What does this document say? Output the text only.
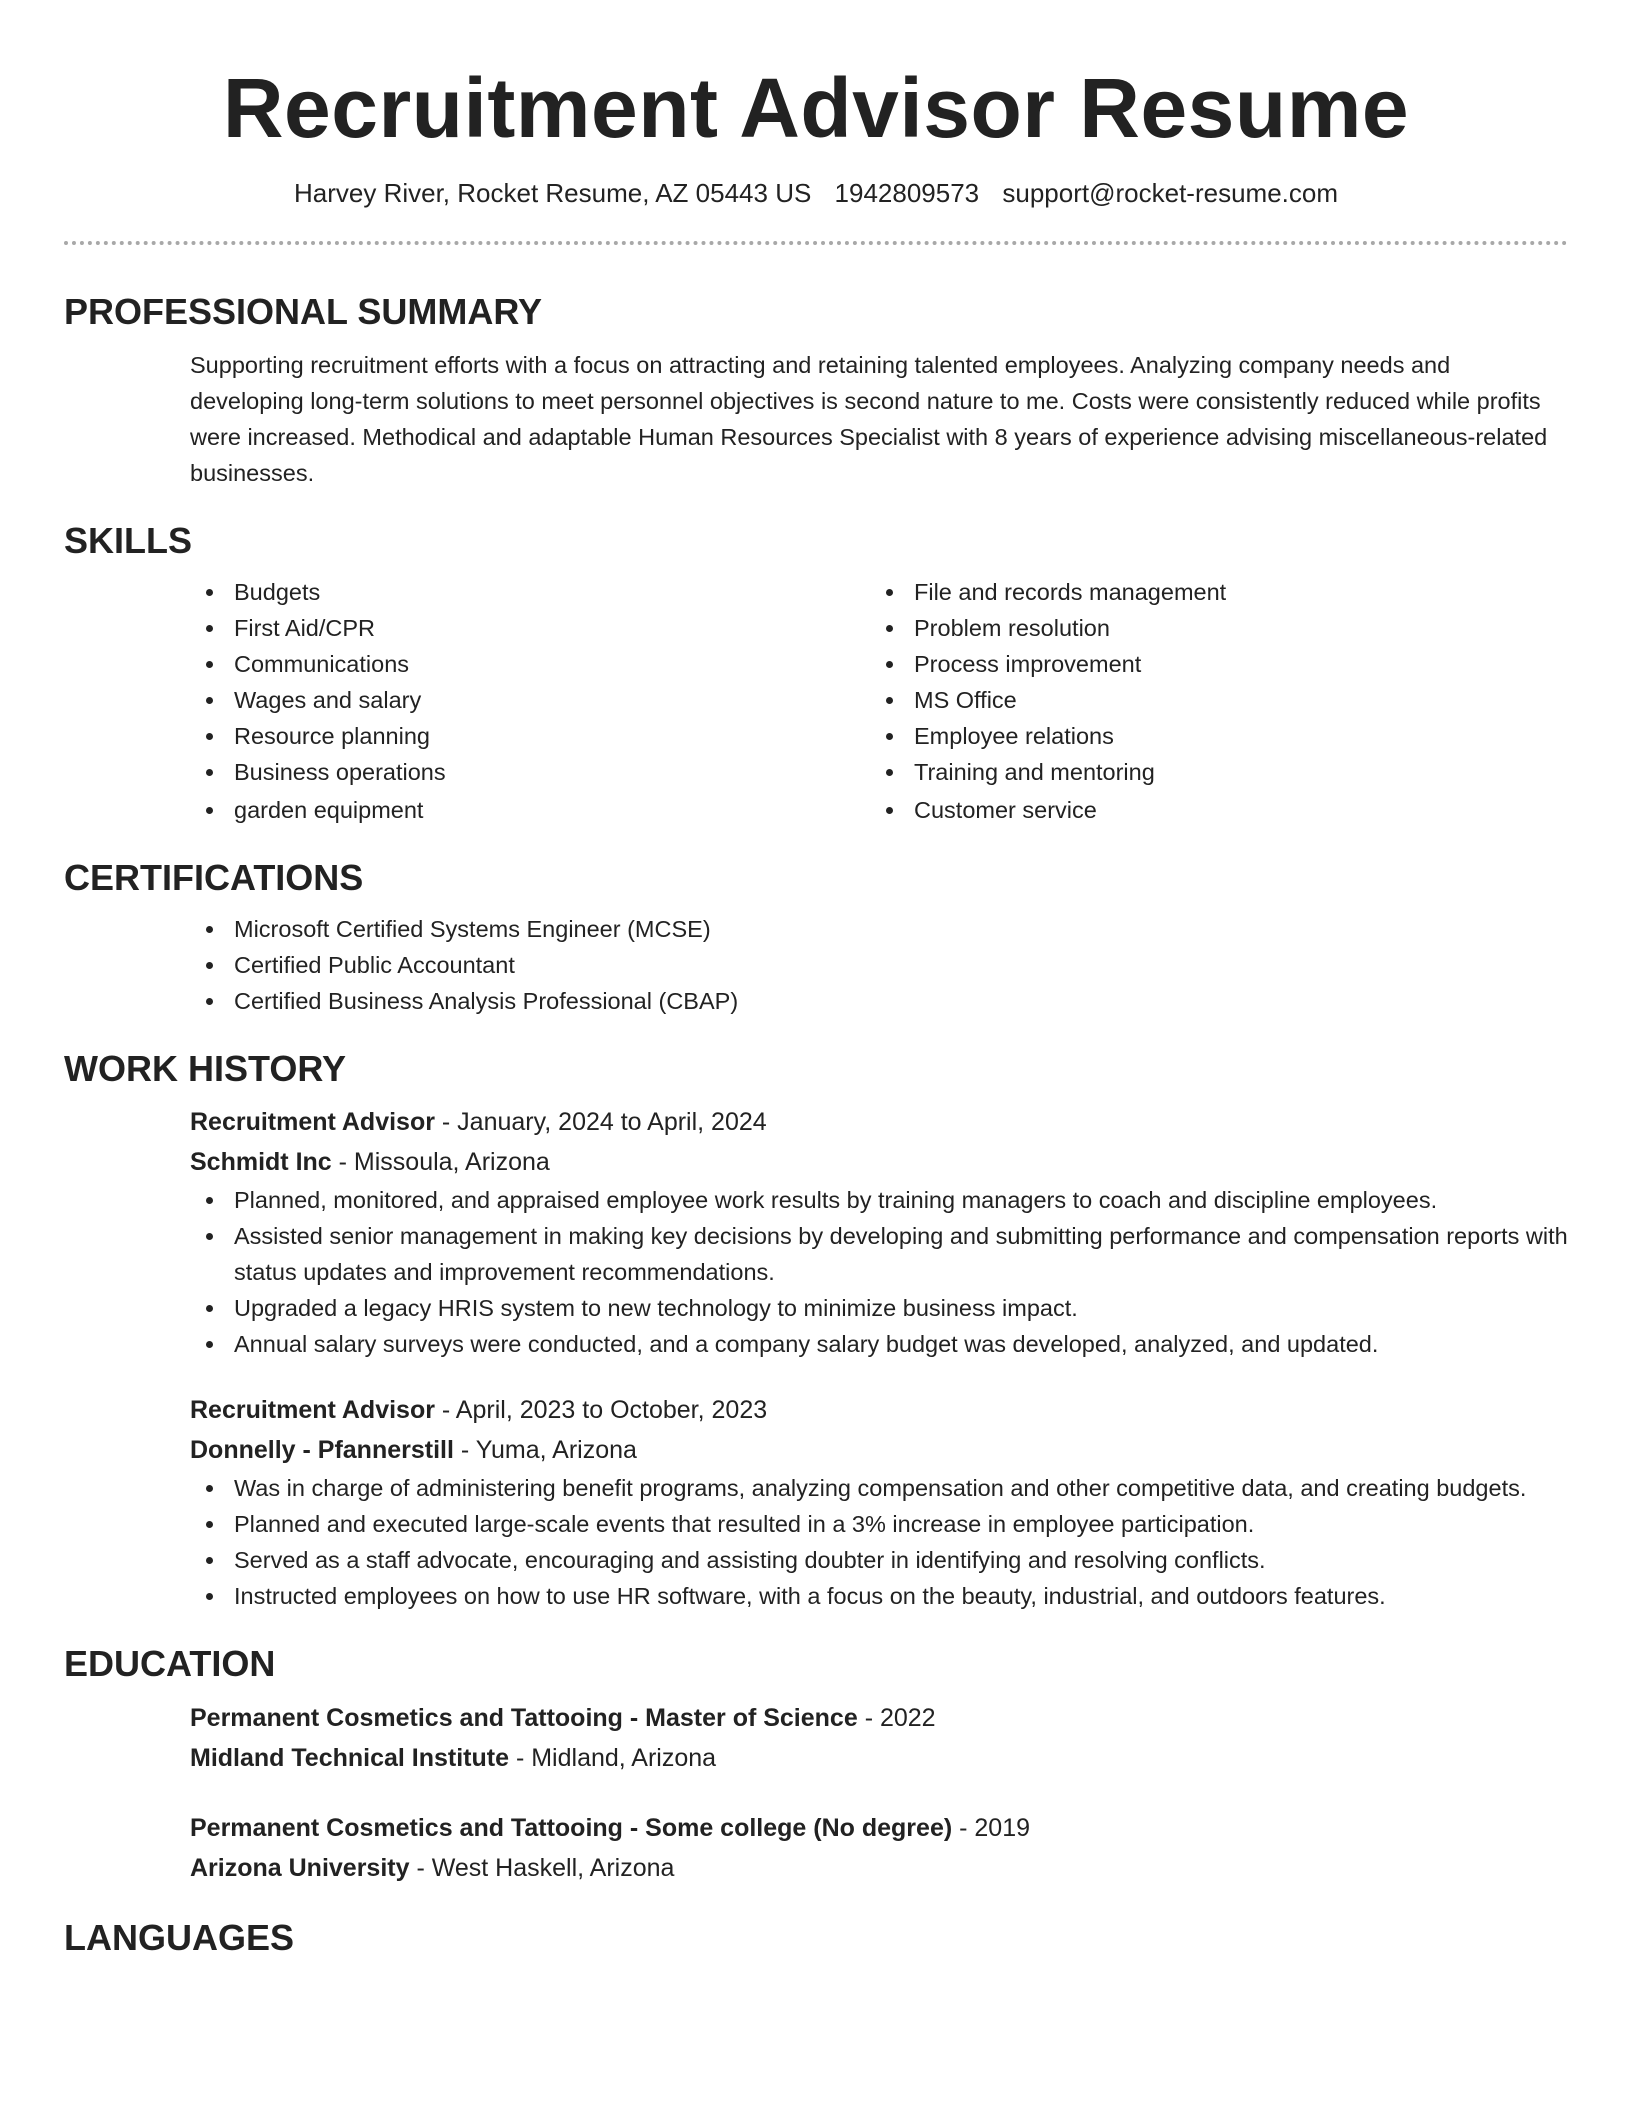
Recruitment Advisor Resume
Harvey River, Rocket Resume, AZ 05443 US 1942809573 support@rocket-resume.com
PROFESSIONAL SUMMARY

Supporting recruitment efforts with a focus on attracting and retaining talented employees. Analyzing company needs and developing long-term solutions to meet personnel objectives is second nature to me. Costs were consistently reduced while profits were increased. Methodical and adaptable Human Resources Specialist with 8 years of experience advising miscellaneous-related businesses.

SKILLS
Budgets
First Aid/CPR
Communications
Wages and salary
Resource planning
Business operations
garden equipment
File and records management
Problem resolution
Process improvement
MS Office
Employee relations
Training and mentoring
Customer service
CERTIFICATIONS
Microsoft Certified Systems Engineer (MCSE)
Certified Public Accountant
Certified Business Analysis Professional (CBAP)
WORK HISTORY
Recruitment Advisor - January, 2024 to April, 2024
Schmidt Inc - Missoula, Arizona
Planned, monitored, and appraised employee work results by training managers to coach and discipline employees.
Assisted senior management in making key decisions by developing and submitting performance and compensation reports with status updates and improvement recommendations.
Upgraded a legacy HRIS system to new technology to minimize business impact.
Annual salary surveys were conducted, and a company salary budget was developed, analyzed, and updated.
Recruitment Advisor - April, 2023 to October, 2023
Donnelly - Pfannerstill - Yuma, Arizona
Was in charge of administering benefit programs, analyzing compensation and other competitive data, and creating budgets.
Planned and executed large-scale events that resulted in a 3% increase in employee participation.
Served as a staff advocate, encouraging and assisting doubter in identifying and resolving conflicts.
Instructed employees on how to use HR software, with a focus on the beauty, industrial, and outdoors features.
EDUCATION
Permanent Cosmetics and Tattooing - Master of Science - 2022
Midland Technical Institute - Midland, Arizona
Permanent Cosmetics and Tattooing - Some college (No degree) - 2019
Arizona University - West Haskell, Arizona
LANGUAGES
